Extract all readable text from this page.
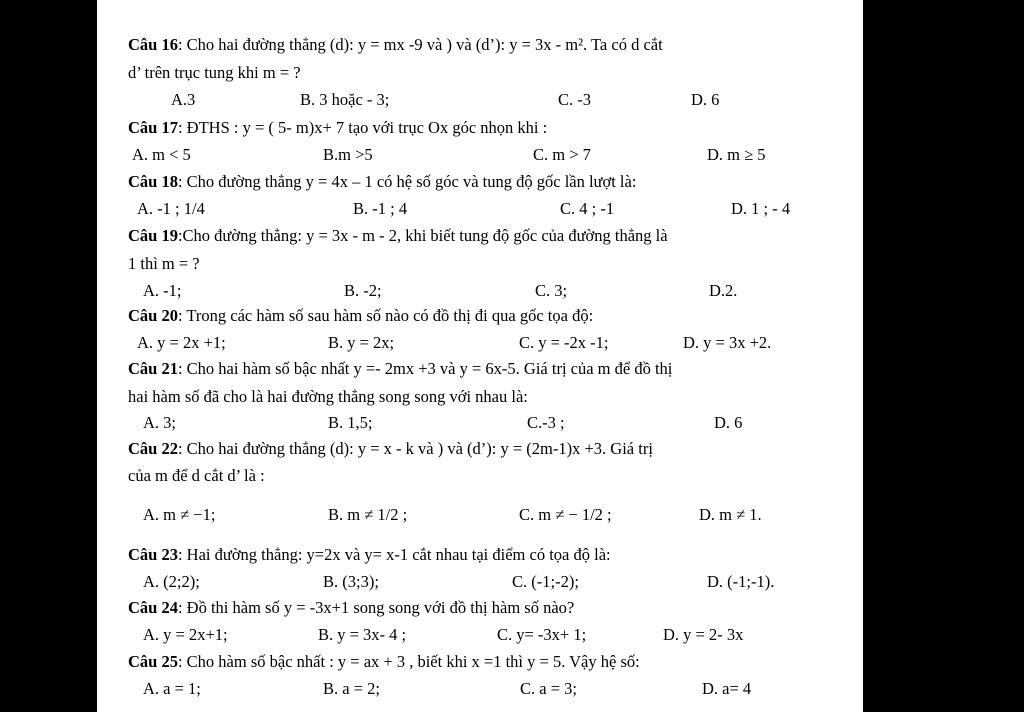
Câu 16: Cho hai đường thẳng (d): y = mx -9 và ) và (d’): y = 3x - m². Ta có d cắt
d’ trên trục tung khi m = ?
A.3	B. 3 hoặc - 3;	C. -3	D. 6
Câu 17: ĐTHS : y = ( 5- m)x+ 7 tạo với trục Ox góc nhọn khi :
A. m < 5	B.m >5	C. m > 7	D. m ≥ 5
Câu 18: Cho đường thẳng y = 4x – 1 có hệ số góc và tung độ gốc lần lượt là:
A. -1 ; 1/4	B. -1 ; 4	C. 4 ; -1	D. 1 ; - 4
Câu 19:Cho đường thẳng: y = 3x - m - 2, khi biết tung độ gốc của đường thẳng là
1 thì m = ?
A. -1;	B. -2;	C. 3;	D.2.
Câu 20: Trong các hàm số sau hàm số nào có đồ thị đi qua gốc tọa độ:
A. y = 2x +1;	B. y = 2x;	C. y = -2x -1;	D. y = 3x +2.
Câu 21: Cho hai hàm số bậc nhất y =- 2mx +3 và y = 6x-5. Giá trị của m để đồ thị
hai hàm số đã cho là hai đường thẳng song song với nhau là:
A. 3;	B. 1,5;	C.-3 ;	D. 6
Câu 22: Cho hai đường thẳng (d): y = x - k và ) và (d’): y = (2m-1)x +3. Giá trị
của m để d cắt d’ là :
A. m ≠ −1;	B. m ≠ 1/2 ;	C. m ≠ − 1/2 ;	D. m ≠ 1.
Câu 23: Hai đường thẳng: y=2x và y= x-1 cắt nhau tại điểm có tọa độ là:
A. (2;2);	B. (3;3);	C. (-1;-2);	D. (-1;-1).
Câu 24: Đồ thi hàm số y = -3x+1 song song với đồ thị hàm số nào?
A. y = 2x+1;	B. y = 3x- 4 ;	C. y= -3x+ 1;	D. y = 2- 3x
Câu 25: Cho hàm số bậc nhất : y = ax + 3 , biết khi x =1 thì y = 5. Vậy hệ số:
A. a = 1;	B. a = 2;	C. a = 3;	D. a= 4
